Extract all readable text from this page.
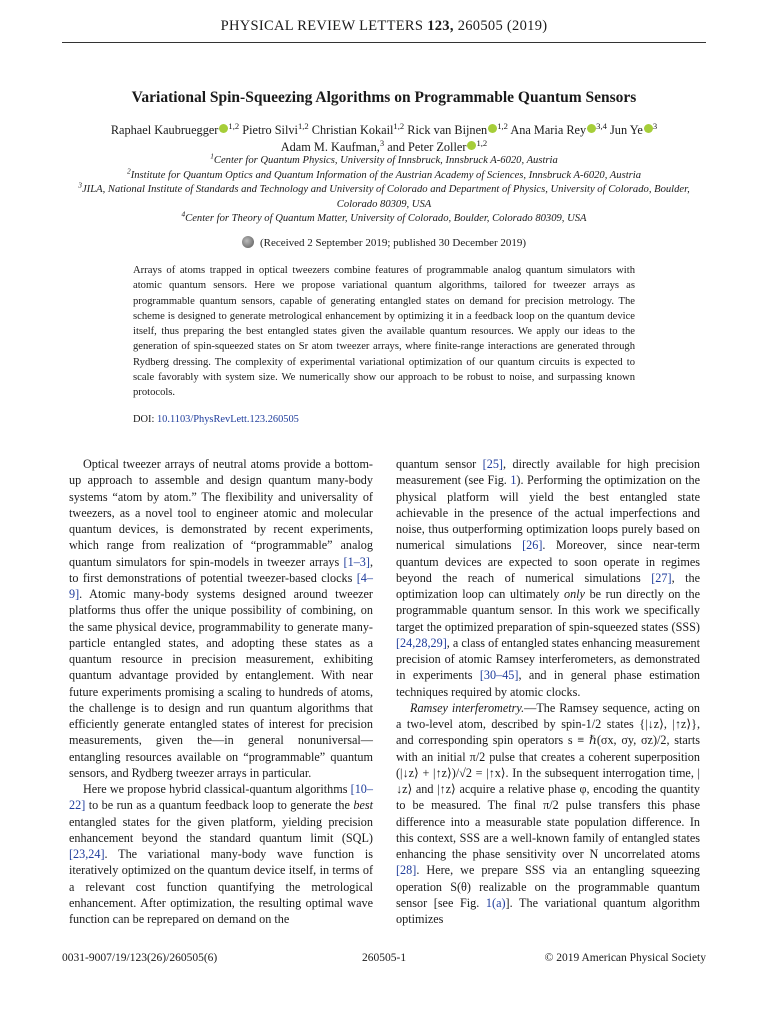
PHYSICAL REVIEW LETTERS 123, 260505 (2019)
Variational Spin-Squeezing Algorithms on Programmable Quantum Sensors
Raphael Kaubruegger $^{1,2}$ Pietro Silvi$^{1,2}$ Christian Kokail$^{1,2}$ Rick van Bijnen $^{1,2}$ Ana Maria Rey $^{3,4}$ Jun Ye $^3$
Adam M. Kaufman,$^3$ and Peter Zoller $^{1,2}$
$^1$Center for Quantum Physics, University of Innsbruck, Innsbruck A-6020, Austria
$^2$Institute for Quantum Optics and Quantum Information of the Austrian Academy of Sciences, Innsbruck A-6020, Austria
$^3$JILA, National Institute of Standards and Technology and University of Colorado and Department of Physics, University of Colorado, Boulder, Colorado 80309, USA
$^4$Center for Theory of Quantum Matter, University of Colorado, Boulder, Colorado 80309, USA
(Received 2 September 2019; published 30 December 2019)
Arrays of atoms trapped in optical tweezers combine features of programmable analog quantum simulators with atomic quantum sensors. Here we propose variational quantum algorithms, tailored for tweezer arrays as programmable quantum sensors, capable of generating entangled states on demand for precision metrology. The scheme is designed to generate metrological enhancement by optimizing it in a feedback loop on the quantum device itself, thus preparing the best entangled states given the available quantum resources. We apply our ideas to the generation of spin-squeezed states on Sr atom tweezer arrays, where finite-range interactions are generated through Rydberg dressing. The complexity of experimental variational optimization of our quantum circuits is expected to scale favorably with system size. We numerically show our approach to be robust to noise, and surpassing known protocols.
DOI: 10.1103/PhysRevLett.123.260505

Optical tweezer arrays of neutral atoms provide a bottom-up approach to assemble and design quantum many-body systems “atom by atom.” The flexibility and universality of tweezers, as a novel tool to engineer atomic and molecular quantum devices, is demonstrated by recent experiments, which range from realization of “programmable” analog quantum simulators for spin-models in tweezer arrays [1–3], to first demonstrations of potential tweezer-based clocks [4–9]. Atomic many-body systems designed around tweezer platforms thus offer the unique possibility of combining, on the same physical device, programmability to generate many-particle entangled states, and adopting these states as a quantum resource in precision measurement, exhibiting quantum advantage provided by entanglement. With near future experiments promising a scaling to hundreds of atoms, the challenge is to design and run quantum algorithms that efficiently generate entangled states of interest for precision measurements, given the—in general nonuniversal—entangling resources available on “programmable” quantum sensors, and Rydberg tweezer arrays in particular.

Here we propose hybrid classical-quantum algorithms [10–22] to be run as a quantum feedback loop to generate the best entangled states for the given platform, yielding precision enhancement beyond the standard quantum limit (SQL) [23,24]. The variational many-body wave function is iteratively optimized on the quantum device itself, in terms of a relevant cost function quantifying the metrological enhancement. After optimization, the resulting optimal wave function can be reprepared on demand on the

quantum sensor [25], directly available for high precision measurement (see Fig. 1). Performing the optimization on the physical platform will yield the best entangled state achievable in the presence of the actual imperfections and noise, thus outperforming optimization loops purely based on numerical simulations [26]. Moreover, since near-term quantum devices are expected to soon operate in regimes beyond the reach of numerical simulations [27], the optimization loop can ultimately only be run directly on the programmable quantum sensor. In this work we specifically target the optimized preparation of spin-squeezed states (SSS) [24,28,29], a class of entangled states enhancing measurement precision of atomic Ramsey interferometers, as demonstrated in experiments [30–45], and in general phase estimation techniques required by atomic clocks.

Ramsey interferometry.—The Ramsey sequence, acting on a two-level atom, described by spin-1/2 states {|↓z⟩, |↑z⟩}, and corresponding spin operators s ≡ ℏ(σx, σy, σz)/2, starts with an initial π/2 pulse that creates a coherent superposition (|↓z⟩ + |↑z⟩)/√2 = |↑x⟩. In the subsequent interrogation time, |↓z⟩ and |↑z⟩ acquire a relative phase φ, encoding the quantity to be measured. The final π/2 pulse transfers this phase difference into a measurable state population difference. In this context, SSS are a well-known family of entangled states enhancing the phase sensitivity over N uncorrelated atoms [28]. Here, we prepare SSS via an entangling squeezing operation S(θ) realizable on the programmable quantum sensor [see Fig. 1(a)]. The variational quantum algorithm optimizes

0031-9007/19/123(26)/260505(6)	260505-1	© 2019 American Physical Society
